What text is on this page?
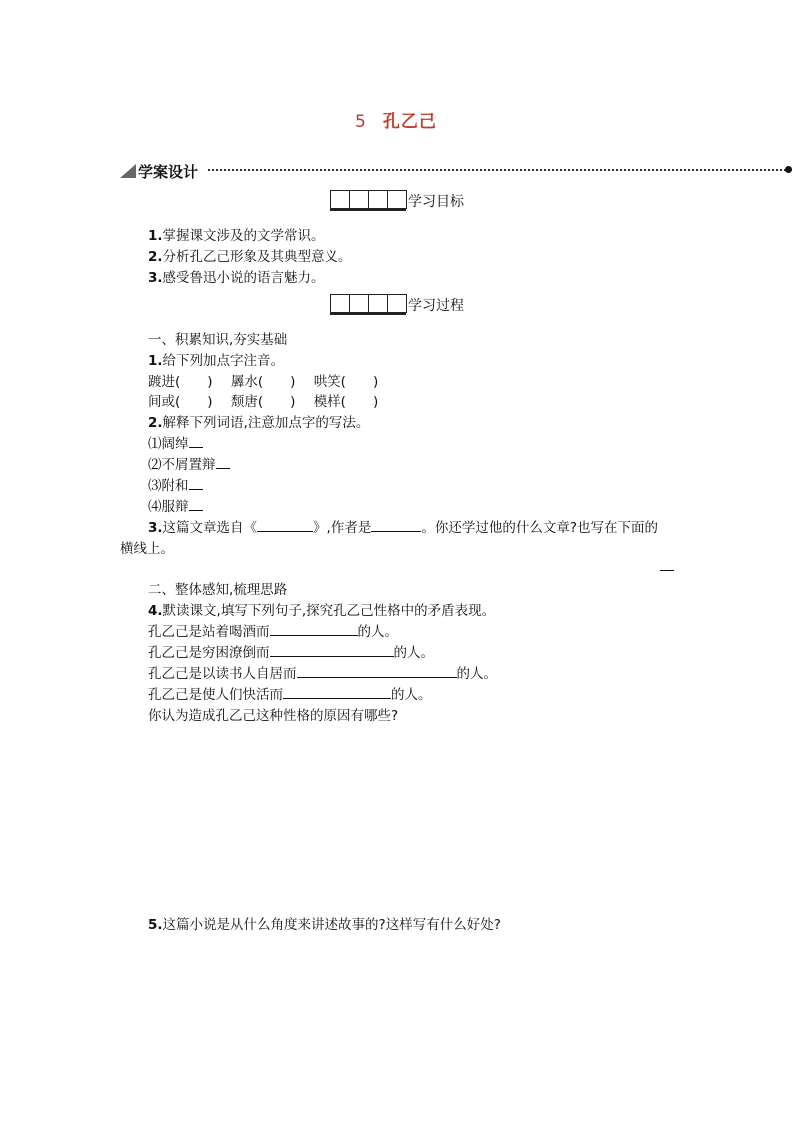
5 孔乙己
学案设计
学习目标
1.掌握课文涉及的文学常识。
2.分析孔乙己形象及其典型意义。
3.感受鲁迅小说的语言魅力。
学习过程
一、积累知识,夯实基础
1.给下列加点字注音。
踱进(　　) 羼水(　　) 哄笑(　　)
间或(　　) 颓唐(　　) 模样(　　)
2.解释下列词语,注意加点字的写法。
⑴阔绰
⑵不屑置辩
⑶附和
⑷服辩
3.这篇文章选自《	》,作者是	。你还学过他的什么文章?也写在下面的
横线上。
二、整体感知,梳理思路
4.默读课文,填写下列句子,探究孔乙己性格中的矛盾表现。
孔乙己是站着喝酒而	的人。
孔乙己是穷困潦倒而	的人。
孔乙己是以读书人自居而	的人。
孔乙己是使人们快活而	的人。
你认为造成孔乙己这种性格的原因有哪些?
5.这篇小说是从什么角度来讲述故事的?这样写有什么好处?
